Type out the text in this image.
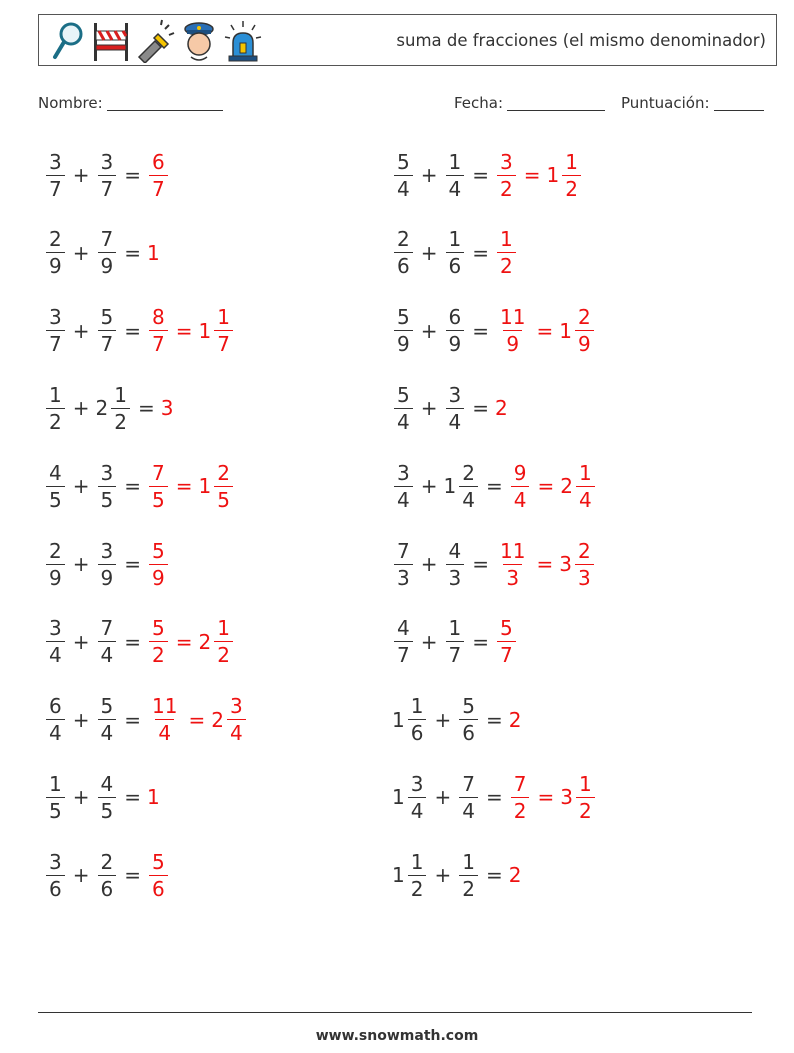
suma de fracciones (el mismo denominador)
Nombre:	Fecha:	Puntuación:
$\frac{3}{7} + \frac{3}{7} = \frac{6}{7}$	$\frac{5}{4} + \frac{1}{4} = \frac{3}{2} = 1 \frac{1}{2}$
$\frac{2}{9} + \frac{7}{9} = 1$	$\frac{2}{6} + \frac{1}{6} = \frac{1}{2}$
$\frac{3}{7} + \frac{5}{7} = \frac{8}{7} = 1 \frac{1}{7}$	$\frac{5}{9} + \frac{6}{9} = \frac{11}{9} = 1 \frac{2}{9}$
$\frac{1}{2} + 2 \frac{1}{2} = 3$	$\frac{5}{4} + \frac{3}{4} = 2$
$\frac{4}{5} + \frac{3}{5} = \frac{7}{5} = 1 \frac{2}{5}$	$\frac{3}{4} + 1 \frac{2}{4} = \frac{9}{4} = 2 \frac{1}{4}$
$\frac{2}{9} + \frac{3}{9} = \frac{5}{9}$	$\frac{7}{3} + \frac{4}{3} = \frac{11}{3} = 3 \frac{2}{3}$
$\frac{3}{4} + \frac{7}{4} = \frac{5}{2} = 2 \frac{1}{2}$	$\frac{4}{7} + \frac{1}{7} = \frac{5}{7}$
$\frac{6}{4} + \frac{5}{4} = \frac{11}{4} = 2 \frac{3}{4}$	$1 \frac{1}{6} + \frac{5}{6} = 2$
$\frac{1}{5} + \frac{4}{5} = 1$	$1 \frac{3}{4} + \frac{7}{4} = \frac{7}{2} = 3 \frac{1}{2}$
$\frac{3}{6} + \frac{2}{6} = \frac{5}{6}$	$1 \frac{1}{2} + \frac{1}{2} = 2$
www.snowmath.com
